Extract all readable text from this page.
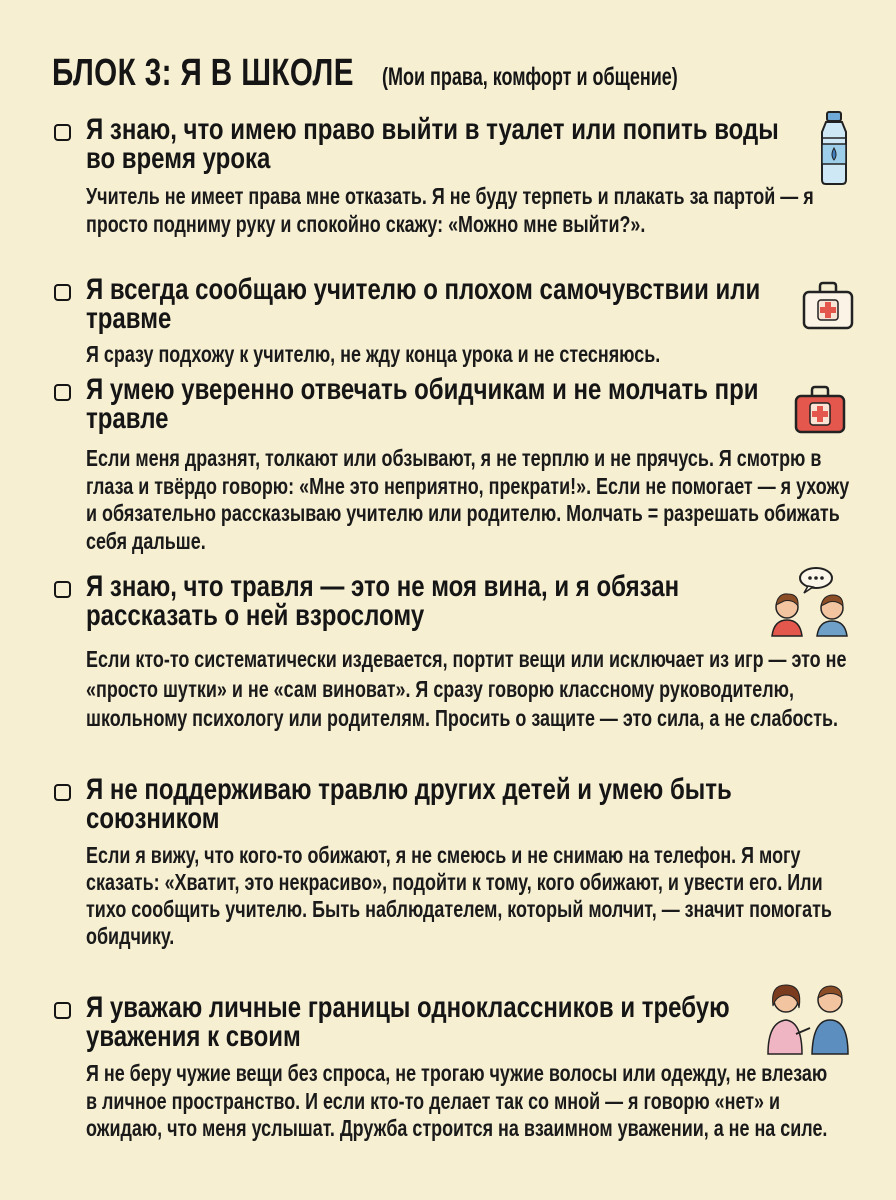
БЛОК 3: Я В ШКОЛЕ (Мои права, комфорт и общение)
Я знаю, что имею право выйти в туалет или попить воды во время урока
Учитель не имеет права мне отказать. Я не буду терпеть и плакать за партой — я просто подниму руку и спокойно скажу: «Можно мне выйти?».
Я всегда сообщаю учителю о плохом самочувствии или травме
Я сразу подхожу к учителю, не жду конца урока и не стесняюсь.
Я умею уверенно отвечать обидчикам и не молчать при травле
Если меня дразнят, толкают или обзывают, я не терплю и не прячусь. Я смотрю в глаза и твёрдо говорю: «Мне это неприятно, прекрати!». Если не помогает — я ухожу и обязательно рассказываю учителю или родителю. Молчать = разрешать обижать себя дальше.
Я знаю, что травля — это не моя вина, и я обязан рассказать о ней взрослому
Если кто-то систематически издевается, портит вещи или исключает из игр — это не «просто шутки» и не «сам виноват». Я сразу говорю классному руководителю, школьному психологу или родителям. Просить о защите — это сила, а не слабость.
Я не поддерживаю травлю других детей и умею быть союзником
Если я вижу, что кого-то обижают, я не смеюсь и не снимаю на телефон. Я могу сказать: «Хватит, это некрасиво», подойти к тому, кого обижают, и увести его. Или тихо сообщить учителю. Быть наблюдателем, который молчит, — значит помогать обидчику.
Я уважаю личные границы одноклассников и требую уважения к своим
Я не беру чужие вещи без спроса, не трогаю чужие волосы или одежду, не влезаю в личное пространство. И если кто-то делает так со мной — я говорю «нет» и ожидаю, что меня услышат. Дружба строится на взаимном уважении, а не на силе.
